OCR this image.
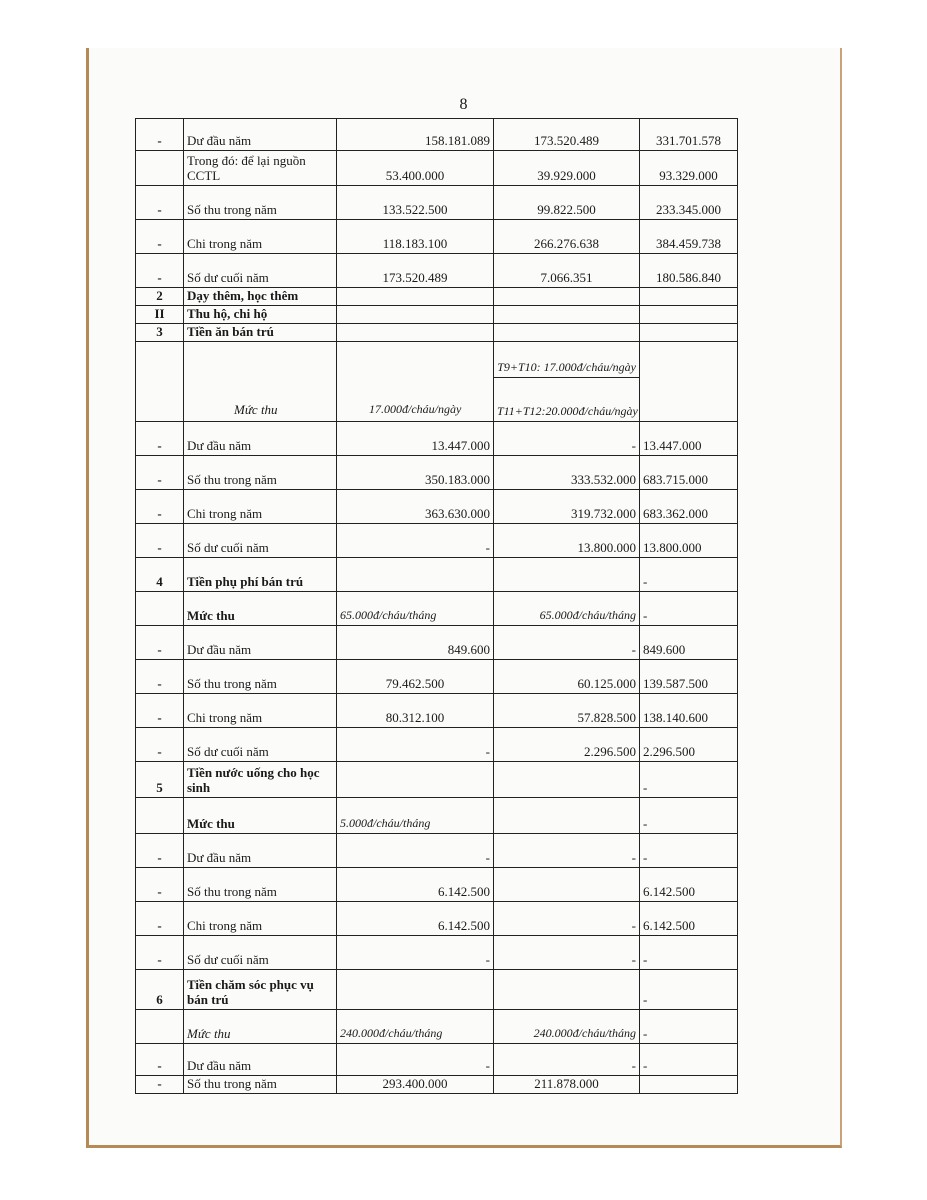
8
-	Dư đầu năm	158.181.089	173.520.489	331.701.578
	Trong đó: để lại nguồn CCTL	53.400.000	39.929.000	93.329.000
-	Số thu trong năm	133.522.500	99.822.500	233.345.000
-	Chi trong năm	118.183.100	266.276.638	384.459.738
-	Số dư cuối năm	173.520.489	7.066.351	180.586.840
2	Dạy thêm, học thêm			
II	Thu hộ, chi hộ			
3	Tiền ăn bán trú			
	Mức thu	17.000đ/cháu/ngày	T9+T10: 17.000đ/cháu/ngày	
			T11+T12:20.000đ/cháu/ngày	
-	Dư đầu năm	13.447.000	-	13.447.000
-	Số thu trong năm	350.183.000	333.532.000	683.715.000
-	Chi trong năm	363.630.000	319.732.000	683.362.000
-	Số dư cuối năm	-	13.800.000	13.800.000
4	Tiền phụ phí bán trú			-
	Mức thu	65.000đ/cháu/tháng	65.000đ/cháu/tháng	-
-	Dư đầu năm	849.600	-	849.600
-	Số thu trong năm	79.462.500	60.125.000	139.587.500
-	Chi trong năm	80.312.100	57.828.500	138.140.600
-	Số dư cuối năm	-	2.296.500	2.296.500
5	Tiền nước uống cho học sinh			-
	Mức thu	5.000đ/cháu/tháng		-
-	Dư đầu năm	-	-	-
-	Số thu trong năm	6.142.500		6.142.500
-	Chi trong năm	6.142.500	-	6.142.500
-	Số dư cuối năm	-	-	-
6	Tiền chăm sóc phục vụ bán trú			-
	Mức thu	240.000đ/cháu/tháng	240.000đ/cháu/tháng	-
-	Dư đầu năm	-	-	-
-	Số thu trong năm	293.400.000	211.878.000	
